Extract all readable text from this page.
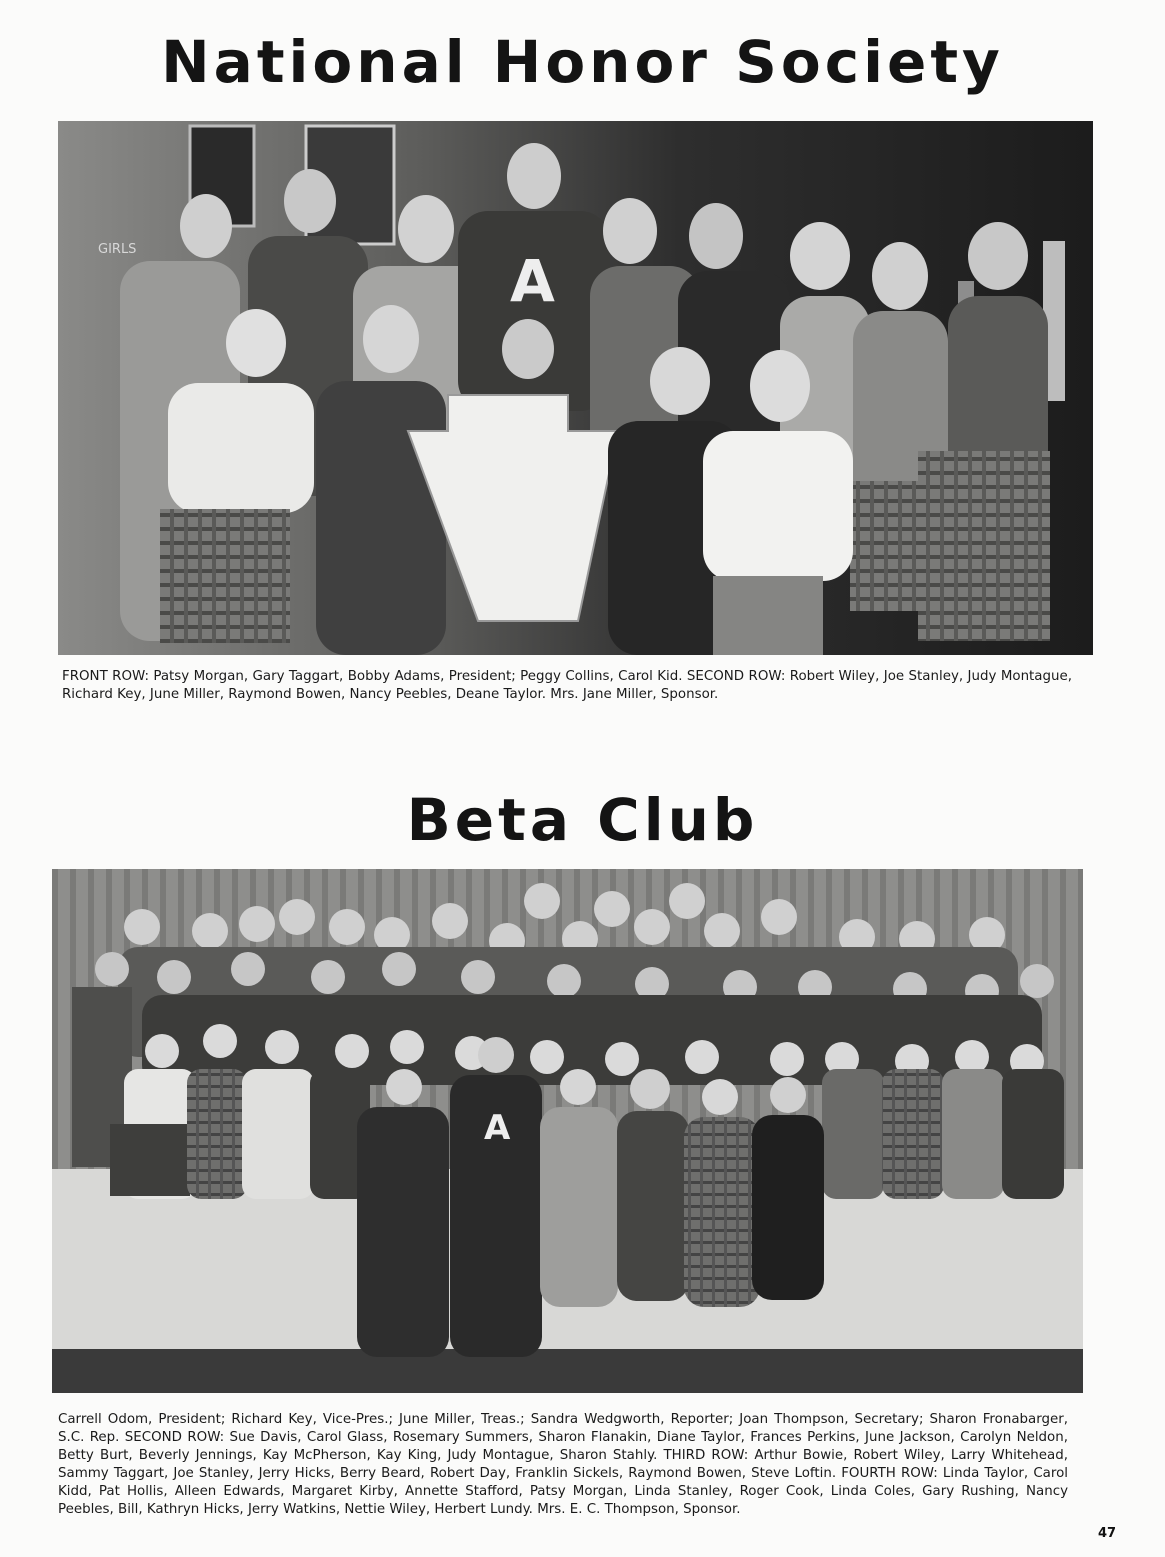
National Honor Society
GIRLS	A

FRONT ROW: Patsy Morgan, Gary Taggart, Bobby Adams, President; Peggy Collins, Carol Kid. SECOND ROW: Robert Wiley, Joe Stanley, Judy Montague, Richard Key, June Miller, Raymond Bowen, Nancy Peebles, Deane Taylor. Mrs. Jane Miller, Sponsor.

Beta Club
A

Carrell Odom, President; Richard Key, Vice-Pres.; June Miller, Treas.; Sandra Wedgworth, Reporter; Joan Thompson, Secretary; Sharon Fronabarger, S.C. Rep. SECOND ROW: Sue Davis, Carol Glass, Rosemary Summers, Sharon Flanakin, Diane Taylor, Frances Perkins, June Jackson, Carolyn Neldon, Betty Burt, Beverly Jennings, Kay McPherson, Kay King, Judy Montague, Sharon Stahly. THIRD ROW: Arthur Bowie, Robert Wiley, Larry Whitehead, Sammy Taggart, Joe Stanley, Jerry Hicks, Berry Beard, Robert Day, Franklin Sickels, Raymond Bowen, Steve Loftin. FOURTH ROW: Linda Taylor, Carol Kidd, Pat Hollis, Alleen Edwards, Margaret Kirby, Annette Stafford, Patsy Morgan, Linda Stanley, Roger Cook, Linda Coles, Gary Rushing, Nancy Peebles, Bill, Kathryn Hicks, Jerry Watkins, Nettie Wiley, Herbert Lundy. Mrs. E. C. Thompson, Sponsor.

47
